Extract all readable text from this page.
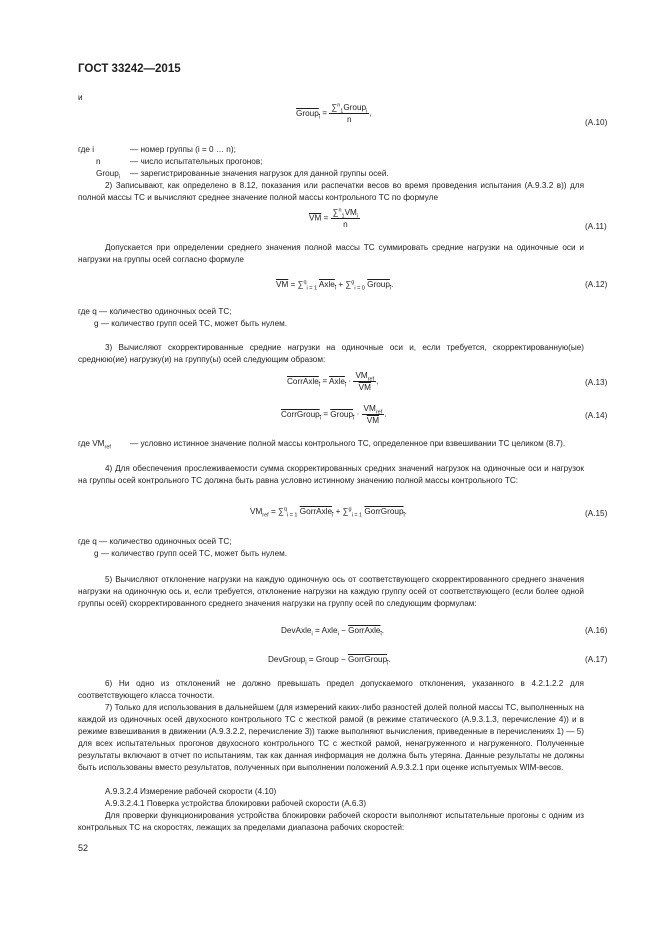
ГОСТ 33242—2015
и
Group$_i$ = $\frac{\sum^n_1Group_i}{n}$ ,
(А.10)
где i	— номер группы (i = 0 … n);
n	— число испытательных прогонов;
Group$_i$ — зарегистрированные значения нагрузок для данной группы осей.
2) Записывают, как определено в 8.12, показания или распечатки весов во время проведения испытания (А.9.3.2 в)) для полной массы ТС и вычисляют среднее значение полной массы контрольного ТС по формуле
$\overline{VM} = \frac{\sum^n_1VM_i}{n}$	(А.11)
Допускается при определении среднего значения полной массы ТС суммировать средние нагрузки на одиночные оси и нагрузки на группы осей согласно формуле
$\overline{VM} = \sum^q_{i = 1}$ Axle$_i$ + ∑$^g_{i = 0}$ Group$_i$.	(А.12)
где q — количество одиночных осей ТС;
g — количество групп осей ТС, может быть нулем.
3) Вычисляют скорректированные средние нагрузки на одиночные оси и, если требуется, скорректированную(ые) среднюю(ие) нагрузку(и) на группу(ы) осей следующим образом:
CorrAxle$_i$ = Axle$_i$ · $\frac{VM_{ref}}{VM}$ ,	(А.13)
CorrGroup$_i$ = Group$_i$ · $\frac{VM_{ref}}{VM}$ .	(А.14)
где $VM_{ref}$ — условно истинное значение полной массы контрольного ТС, определенное при взвешивании ТС целиком (8.7).
4) Для обеспечения прослеживаемости сумма скорректированных средних значений нагрузок на одиночные оси и нагрузок на группы осей контрольного ТС должна быть равна условно истинному значению полной массы контрольного ТС:
$VM_{ref} = \sum^q_{i = 1}$ GorrAxle$_i$ + ∑$^g_{i = 1}$ GorrGroup$_i$.	(А.15)
где q — количество одиночных осей ТС;
g — количество групп осей ТС, может быть нулем.
5) Вычисляют отклонение нагрузки на каждую одиночную ось от соответствующего скорректированного среднего значения нагрузки на одиночную ось и, если требуется, отклонение нагрузки на каждую группу осей от соответствующего (если более одной группы осей) скорректированного среднего значения нагрузки на группу осей по следующим формулам:
DevAxle$_i$ = Axle$_i$ − GorrAxle$_i$.	(А.16)
DevGroup$_i$ = Group − GorrGroup$_i$.	(А.17)
6) Ни одно из отклонений не должно превышать предел допускаемого отклонения, указанного в 4.2.1.2.2 для соответствующего класса точности.
7) Только для использования в дальнейшем (для измерений каких-либо разностей долей полной массы ТС, выполненных на каждой из одиночных осей двухосного контрольного ТС с жесткой рамой (в режиме статического (А.9.3.1.3, перечисление 4)) и в режиме взвешивания в движении (А.9.3.2.2, перечисление 3)) также выполняют вычисления, приведенные в перечислениях 1) — 5) для всех испытательных прогонов двухосного контрольного ТС с жесткой рамой, ненагруженного и нагруженного. Полученные результаты включают в отчет по испытаниям, так как данная информация не должна быть утеряна. Данные результаты не должны быть использованы вместо результатов, полученных при выполнении положений А.9.3.2.1 при оценке испытуемых WIM-весов.
А.9.3.2.4 Измерение рабочей скорости (4.10)
А.9.3.2.4.1 Поверка устройства блокировки рабочей скорости (А.6.3)
Для проверки функционирования устройства блокировки рабочей скорости выполняют испытательные прогоны с одним из контрольных ТС на скоростях, лежащих за пределами диапазона рабочих скоростей:
52
